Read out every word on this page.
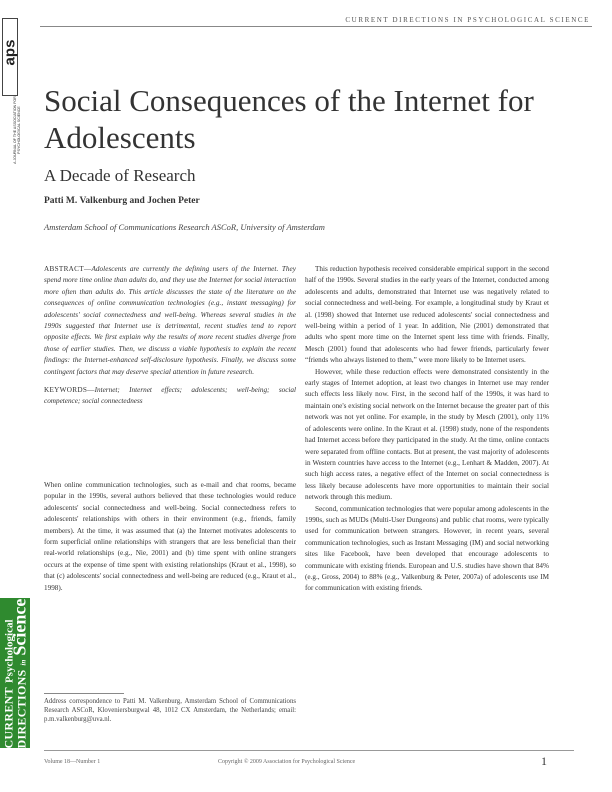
aps
A JOURNAL OF THE ASSOCIATION FOR PSYCHOLOGICAL SCIENCE
CURRENT Psychological
DIRECTIONS in Science
CURRENT DIRECTIONS IN PSYCHOLOGICAL SCIENCE
Social Consequences of the Internet for Adolescents
A Decade of Research
Patti M. Valkenburg and Jochen Peter
Amsterdam School of Communications Research ASCoR, University of Amsterdam
ABSTRACT—Adolescents are currently the defining users of the Internet. They spend more time online than adults do, and they use the Internet for social interaction more often than adults do. This article discusses the state of the literature on the consequences of online communication technologies (e.g., instant messaging) for adolescents' social connectedness and well-being. Whereas several studies in the 1990s suggested that Internet use is detrimental, recent studies tend to report opposite effects. We first explain why the results of more recent studies diverge from those of earlier studies. Then, we discuss a viable hypothesis to explain the recent findings: the Internet-enhanced self-disclosure hypothesis. Finally, we discuss some contingent factors that may deserve special attention in future research.
KEYWORDS—Internet; Internet effects; adolescents; well-being; social competence; social connectedness

When online communication technologies, such as e-mail and chat rooms, became popular in the 1990s, several authors believed that these technologies would reduce adolescents' social connectedness and well-being. Social connectedness refers to adolescents' relationships with others in their environment (e.g., friends, family members). At the time, it was assumed that (a) the Internet motivates adolescents to form superficial online relationships with strangers that are less beneficial than their real-world relationships (e.g., Nie, 2001) and (b) time spent with online strangers occurs at the expense of time spent with existing relationships (Kraut et al., 1998), so that (c) adolescents' social connectedness and well-being are reduced (e.g., Kraut et al., 1998).

This reduction hypothesis received considerable empirical support in the second half of the 1990s. Several studies in the early years of the Internet, conducted among adolescents and adults, demonstrated that Internet use was negatively related to social connectedness and well-being. For example, a longitudinal study by Kraut et al. (1998) showed that Internet use reduced adolescents' social connectedness and well-being within a period of 1 year. In addition, Nie (2001) demonstrated that adults who spent more time on the Internet spent less time with friends. Finally, Mesch (2001) found that adolescents who had fewer friends, particularly fewer “friends who always listened to them,” were more likely to be Internet users.

However, while these reduction effects were demonstrated consistently in the early stages of Internet adoption, at least two changes in Internet use may render such effects less likely now. First, in the second half of the 1990s, it was hard to maintain one's existing social network on the Internet because the greater part of this network was not yet online. For example, in the study by Mesch (2001), only 11% of adolescents were online. In the Kraut et al. (1998) study, none of the respondents had Internet access before they participated in the study. At the time, online contacts were separated from offline contacts. But at present, the vast majority of adolescents in Western countries have access to the Internet (e.g., Lenhart & Madden, 2007). At such high access rates, a negative effect of the Internet on social connectedness is less likely because adolescents have more opportunities to maintain their social network through this medium.

Second, communication technologies that were popular among adolescents in the 1990s, such as MUDs (Multi-User Dungeons) and public chat rooms, were typically used for communication between strangers. However, in recent years, several communication technologies, such as Instant Messaging (IM) and social networking sites like Facebook, have been developed that encourage adolescents to communicate with existing friends. European and U.S. studies have shown that 84% (e.g., Gross, 2004) to 88% (e.g., Valkenburg & Peter, 2007a) of adolescents use IM for communication with existing friends.

Address correspondence to Patti M. Valkenburg, Amsterdam School of Communications Research ASCoR, Kloveniersburgwal 48, 1012 CX Amsterdam, the Netherlands; email: p.m.valkenburg@uva.nl.
Volume 18—Number 1	Copyright © 2009 Association for Psychological Science	1
